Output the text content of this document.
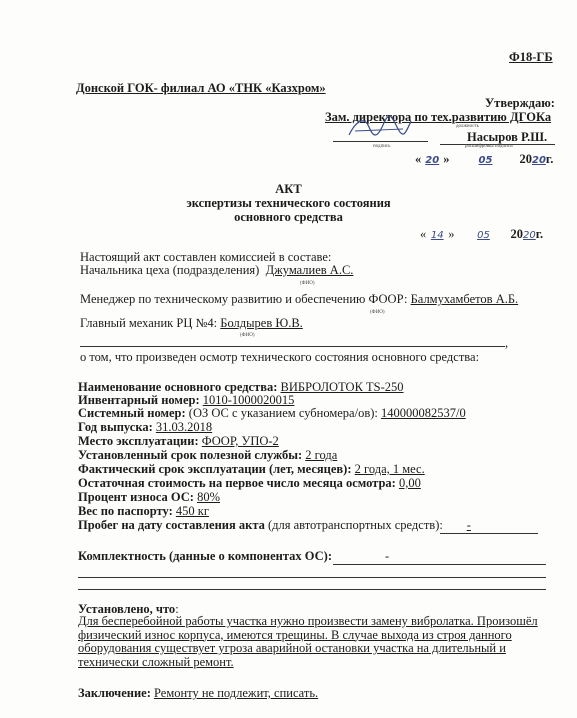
Ф18-ГБ
Донской ГОК- филиал АО «ТНК «Казхром»
Утверждаю:
Зам. директора по тех.развитию ДГОКа
должность
Насыров Р.Ш.
подпись	расшифровка подписи
« 20 »	05 2020г.
АКТ
экспертизы технического состояния
основного средства
« 14 » 05 2020г.
Настоящий акт составлен комиссией в составе:
Начальника цеха (подразделения) Джумалиев А.С.
(ФИО)
Менеджер по техническому развитию и обеспечению ФООР: Балмухамбетов А.Б.
(ФИО)
Главный механик РЦ №4: Болдырев Ю.В.
(ФИО)
,
о том, что произведен осмотр технического состояния основного средства:
Наименование основного средства: ВИБРОЛОТОК TS-250
Инвентарный номер: 1010-1000020015
Системный номер: (ОЗ ОС с указанием субномера/ов): 140000082537/0
Год выпуска: 31.03.2018
Место эксплуатации: ФООР, УПО-2
Установленный срок полезной службы: 2 года
Фактический срок эксплуатации (лет, месяцев): 2 года, 1 мес.
Остаточная стоимость на первое число месяца осмотра: 0,00
Процент износа ОС: 80%
Вес по паспорту: 450 кг
Пробег на дату составления акта (для автотранспортных средств): -
Комплектность (данные о компонентах ОС):	-
Установлено, что:
Для бесперебойной работы участка нужно произвести замену вибролатка. Произошёл физический износ корпуса, имеются трещины. В случае выхода из строя данного оборудования существует угроза аварийной остановки участка на длительный и технически сложный ремонт.
Заключение: Ремонту не подлежит, списать.
